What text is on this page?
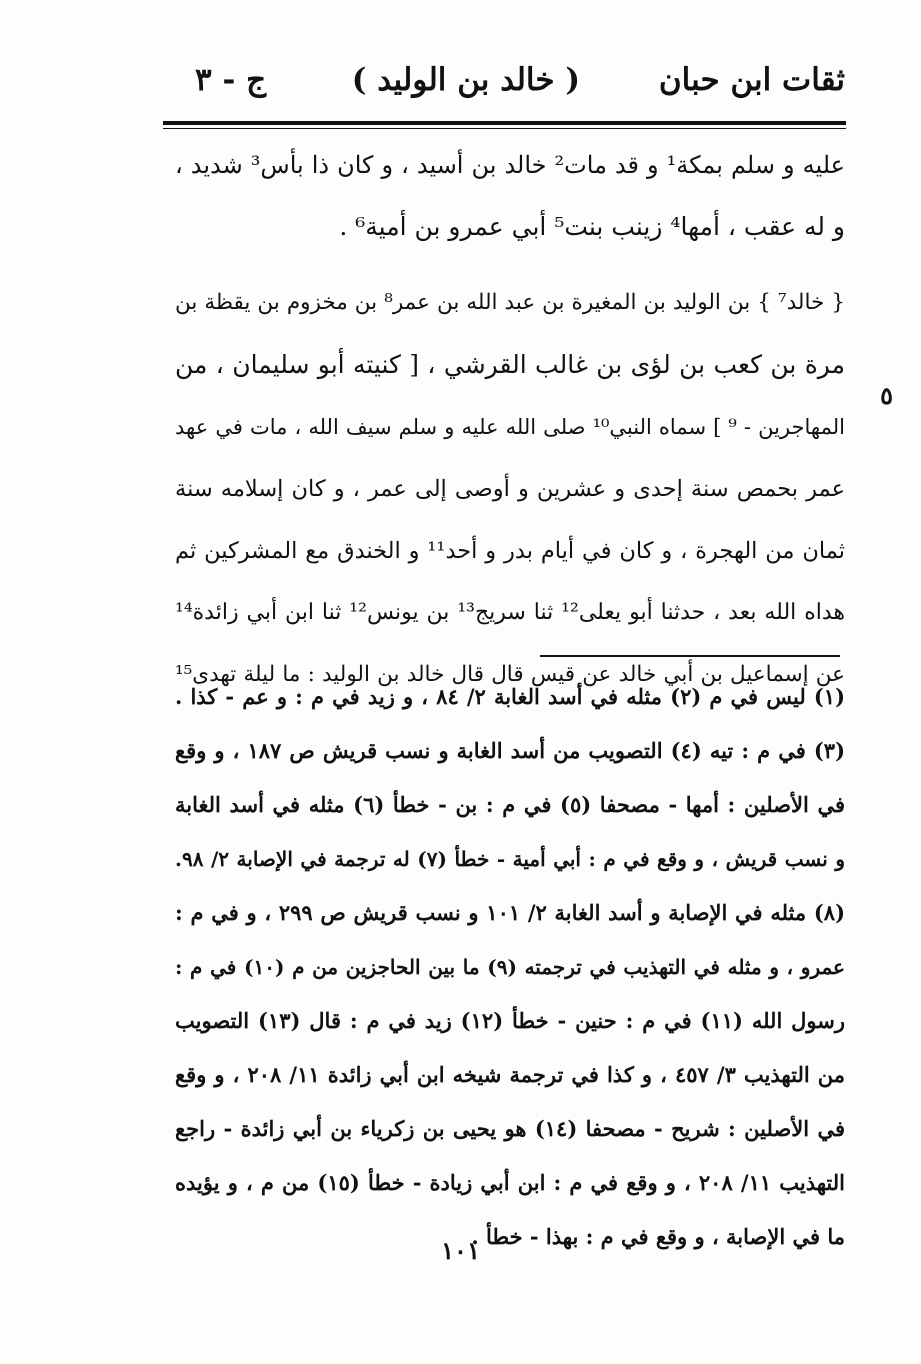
ثقات ابن حبان
( خالد بن الوليد )
ج - ٣
٥
عليه و سلم بمكة¹ و قد مات² خالد بن أسيد ، و كان ذا بأس³ شديد ،
و له عقب ، أمها⁴ زينب بنت⁵ أبي عمرو بن أمية⁶ .
{ خالد⁷ } بن الوليد بن المغيرة بن عبد الله بن عمر⁸ بن مخزوم بن يقظة بن
مرة بن كعب بن لؤى بن غالب القرشي ، [ كنيته أبو سليمان ، من
المهاجرين - ⁹ ] سماه النبي¹⁰ صلى الله عليه و سلم سيف الله ، مات في عهد
عمر بحمص سنة إحدى و عشرين و أوصى إلى عمر ، و كان إسلامه سنة
ثمان من الهجرة ، و كان في أيام بدر و أحد¹¹ و الخندق مع المشركين ثم
هداه الله بعد ، حدثنا أبو يعلى¹² ثنا سريج¹³ بن يونس¹² ثنا ابن أبي زائدة¹⁴
عن إسماعيل بن أبي خالد عن قيس قال قال خالد بن الوليد : ما ليلة تهدى¹⁵
(١) ليس في م (٢) مثله في أسد الغابة ٢/ ٨٤ ، و زيد في م : و عم - كذا .
(٣) في م : تيه (٤) التصويب من أسد الغابة و نسب قريش ص ١٨٧ ، و وقع
في الأصلين : أمها - مصحفا (٥) في م : بن - خطأ (٦) مثله في أسد الغابة
و نسب قريش ، و وقع في م : أبي أمية - خطأ (٧) له ترجمة في الإصابة ٢/ ٩٨.
(٨) مثله في الإصابة و أسد الغابة ٢/ ١٠١ و نسب قريش ص ٢٩٩ ، و في م :
عمرو ، و مثله في التهذيب في ترجمته (٩) ما بين الحاجزين من م (١٠) في م :
رسول الله (١١) في م : حنين - خطأ (١٢) زيد في م : قال (١٣) التصويب
من التهذيب ٣/ ٤٥٧ ، و كذا في ترجمة شيخه ابن أبي زائدة ١١/ ٢٠٨ ، و وقع
في الأصلين : شريح - مصحفا (١٤) هو يحيى بن زكرياء بن أبي زائدة - راجع
التهذيب ١١/ ٢٠٨ ، و وقع في م : ابن أبي زيادة - خطأ (١٥) من م ، و يؤيده
ما في الإصابة ، و وقع في م : بهذا - خطأ .
١٠١
